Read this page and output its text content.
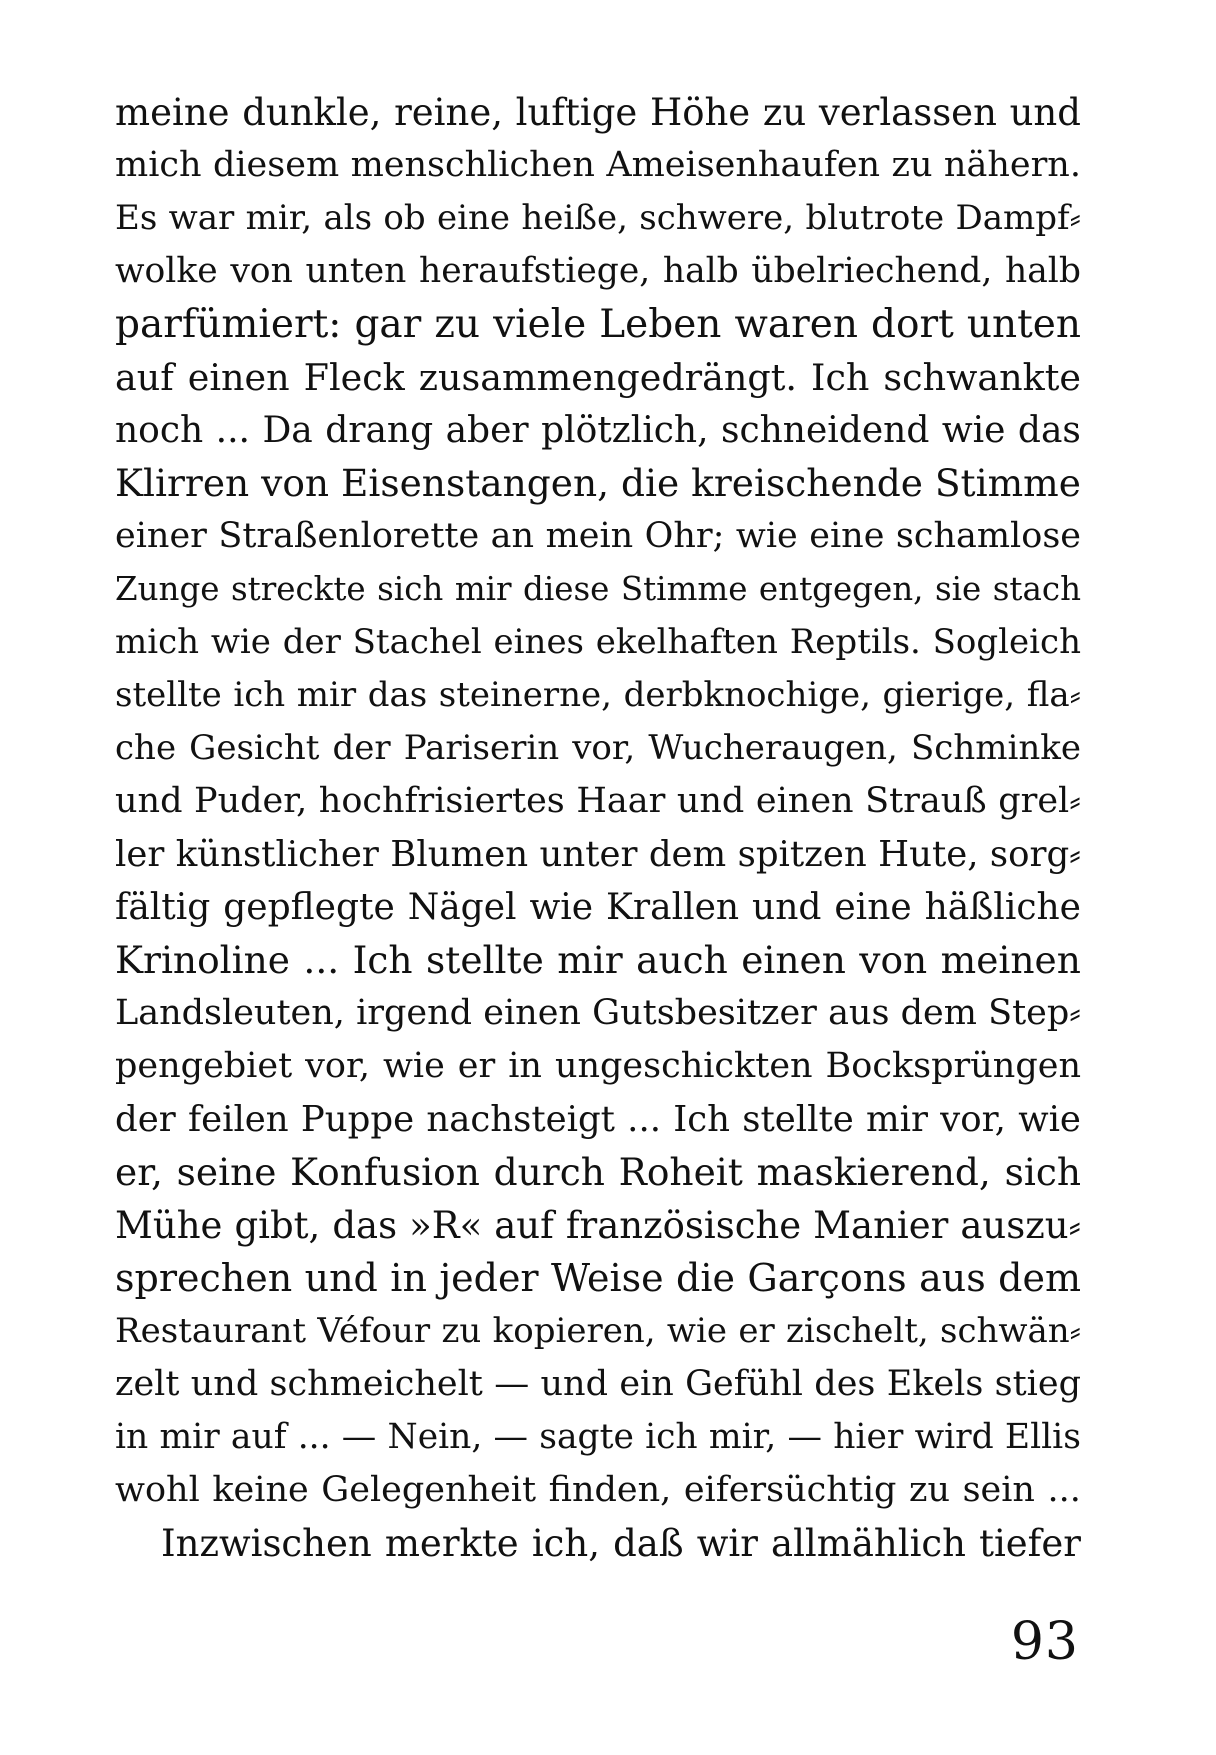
meine dunkle, reine, luftige Höhe zu verlassen und
mich diesem menschlichen Ameisenhaufen zu nähern.
Es war mir, als ob eine heiße, schwere, blutrote Dampf⸗
wolke von unten heraufstiege, halb übelriechend, halb
parfümiert: gar zu viele Leben waren dort unten
auf einen Fleck zusammengedrängt. Ich schwankte
noch ... Da drang aber plötzlich, schneidend wie das
Klirren von Eisenstangen, die kreischende Stimme
einer Straßenlorette an mein Ohr; wie eine schamlose
Zunge streckte sich mir diese Stimme entgegen, sie stach
mich wie der Stachel eines ekelhaften Reptils. Sogleich
stellte ich mir das steinerne, derbknochige, gierige, fla⸗
che Gesicht der Pariserin vor, Wucheraugen, Schminke
und Puder, hochfrisiertes Haar und einen Strauß grel⸗
ler künstlicher Blumen unter dem spitzen Hute, sorg⸗
fältig gepflegte Nägel wie Krallen und eine häßliche
Krinoline ... Ich stellte mir auch einen von meinen
Landsleuten, irgend einen Gutsbesitzer aus dem Step⸗
pengebiet vor, wie er in ungeschickten Bocksprüngen
der feilen Puppe nachsteigt ... Ich stellte mir vor, wie
er, seine Konfusion durch Roheit maskierend, sich
Mühe gibt, das »R« auf französische Manier auszu⸗
sprechen und in jeder Weise die Garçons aus dem
Restaurant Véfour zu kopieren, wie er zischelt, schwän⸗
zelt und schmeichelt — und ein Gefühl des Ekels stieg
in mir auf ... — Nein, — sagte ich mir, — hier wird Ellis
wohl keine Gelegenheit finden, eifersüchtig zu sein ...
Inzwischen merkte ich, daß wir allmählich tiefer
93
